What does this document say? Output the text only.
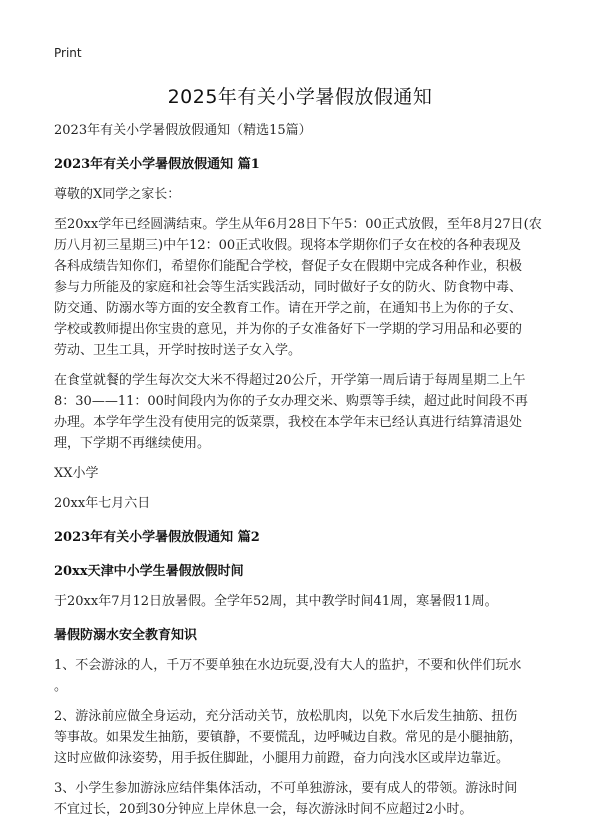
Print
2025年有关小学暑假放假通知

2023年有关小学暑假放假通知（精选15篇）

2023年有关小学暑假放假通知 篇1

尊敬的X同学之家长：

至20xx学年已经圆满结束。学生从年6月28日下午5：00正式放假，至年8月27日(农
历八月初三星期三)中午12：00正式收假。现将本学期你们子女在校的各种表现及
各科成绩告知你们，希望你们能配合学校，督促子女在假期中完成各种作业，积极
参与力所能及的家庭和社会等生活实践活动，同时做好子女的防火、防食物中毒、
防交通、防溺水等方面的安全教育工作。请在开学之前，在通知书上为你的子女、
学校或教师提出你宝贵的意见，并为你的子女准备好下一学期的学习用品和必要的
劳动、卫生工具，开学时按时送子女入学。

在食堂就餐的学生每次交大米不得超过20公斤，开学第一周后请于每周星期二上午
8：30——11：00时间段内为你的子女办理交米、购票等手续，超过此时间段不再
办理。本学年学生没有使用完的饭菜票，我校在本学年末已经认真进行结算清退处
理，下学期不再继续使用。

XX小学

20xx年七月六日

2023年有关小学暑假放假通知 篇2

20xx天津中小学生暑假放假时间

于20xx年7月12日放暑假。全学年52周，其中教学时间41周，寒暑假11周。

暑假防溺水安全教育知识

1、不会游泳的人，千万不要单独在水边玩耍,没有大人的监护，不要和伙伴们玩水
。

2、游泳前应做全身运动，充分活动关节，放松肌肉，以免下水后发生抽筋、扭伤
等事故。如果发生抽筋，要镇静，不要慌乱，边呼喊边自救。常见的是小腿抽筋，
这时应做仰泳姿势，用手扳住脚趾，小腿用力前蹬，奋力向浅水区或岸边靠近。

3、小学生参加游泳应结伴集体活动，不可单独游泳，要有成人的带领。游泳时间
不宜过长，20到30分钟应上岸休息一会，每次游泳时间不应超过2小时。
